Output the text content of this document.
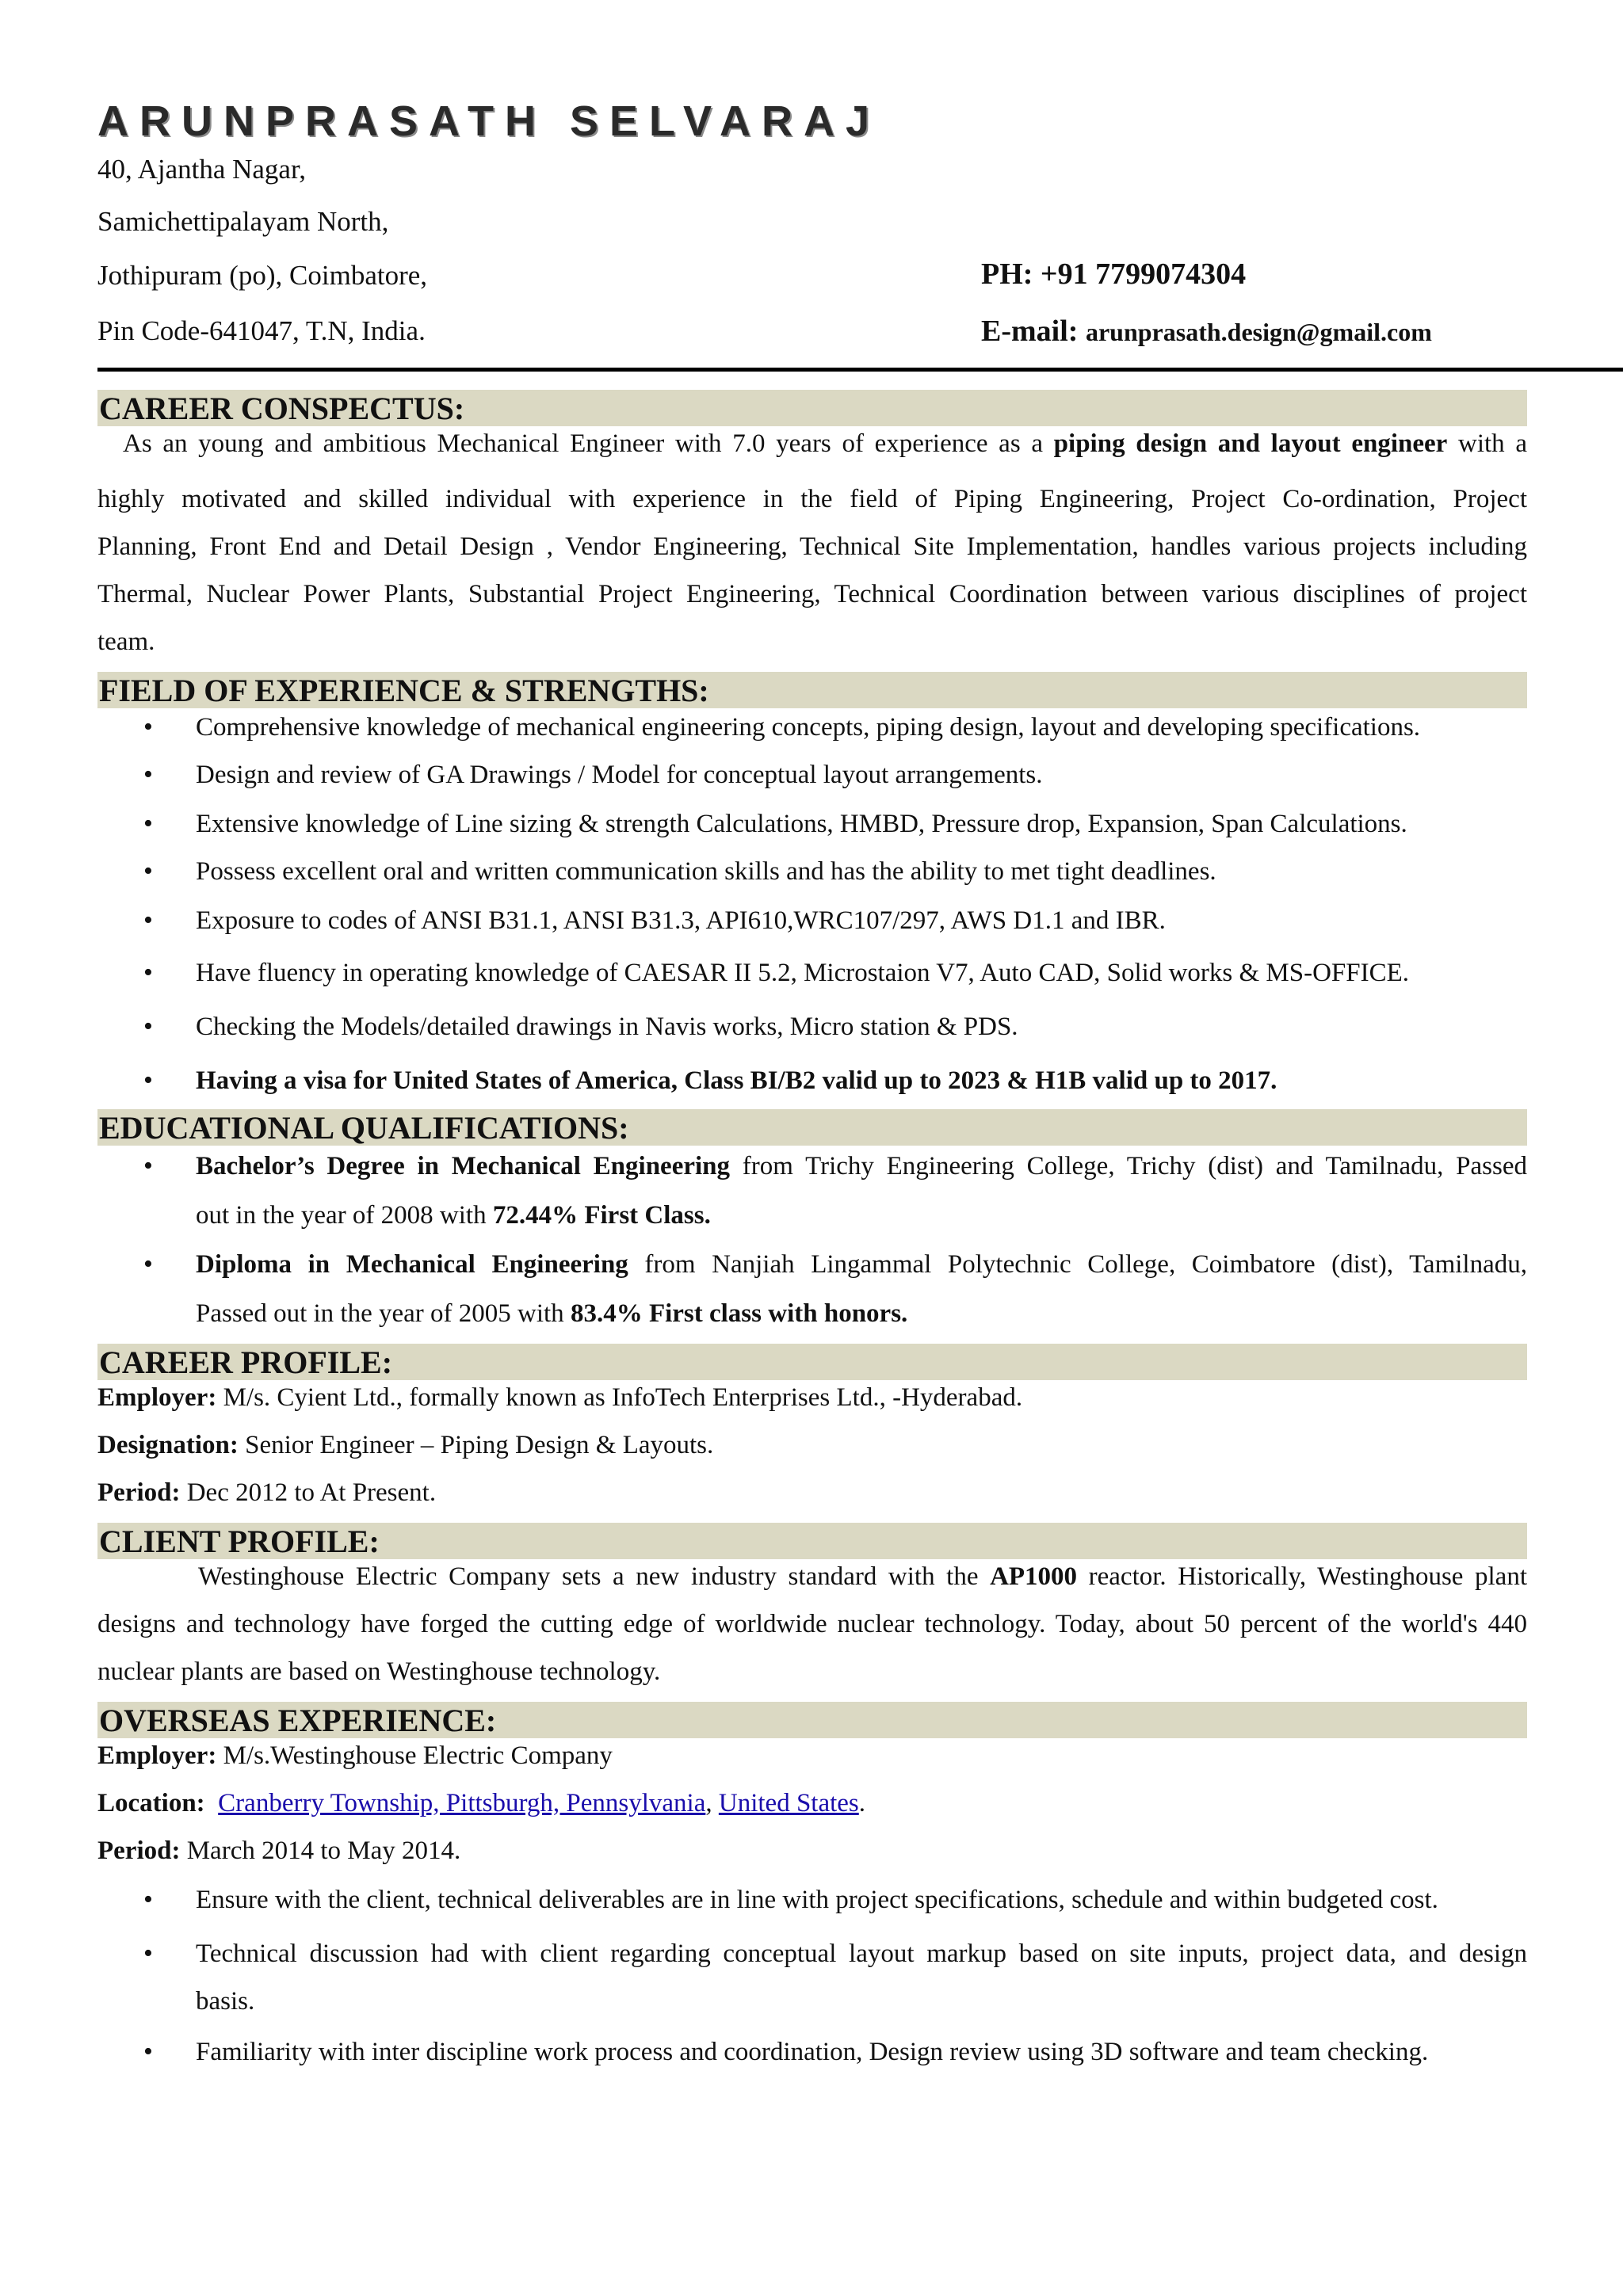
ARUNPRASATH SELVARAJ
40, Ajantha Nagar,
Samichettipalayam North,
Jothipuram (po), Coimbatore,
Pin Code-641047, T.N, India.
PH: +91 7799074304
E-mail: arunprasath.design@gmail.com
CAREER CONSPECTUS:
As an young and ambitious Mechanical Engineer with 7.0 years of experience as a piping design and layout engineer with a
highly motivated and skilled individual with experience in the field of Piping Engineering, Project Co-ordination, Project
Planning, Front End and Detail Design , Vendor Engineering, Technical Site Implementation, handles various projects including
Thermal, Nuclear Power Plants, Substantial Project Engineering, Technical Coordination between various disciplines of project
team.
FIELD OF EXPERIENCE & STRENGTHS:
• Comprehensive knowledge of mechanical engineering concepts, piping design, layout and developing specifications.
• Design and review of GA Drawings / Model for conceptual layout arrangements.
• Extensive knowledge of Line sizing & strength Calculations, HMBD, Pressure drop, Expansion, Span Calculations.
• Possess excellent oral and written communication skills and has the ability to met tight deadlines.
• Exposure to codes of ANSI B31.1, ANSI B31.3, API610,WRC107/297, AWS D1.1 and IBR.
• Have fluency in operating knowledge of CAESAR II 5.2, Microstaion V7, Auto CAD, Solid works & MS-OFFICE.
• Checking the Models/detailed drawings in Navis works, Micro station & PDS.
• Having a visa for United States of America, Class BI/B2 valid up to 2023 & H1B valid up to 2017.
EDUCATIONAL QUALIFICATIONS:
• Bachelor’s Degree in Mechanical Engineering from Trichy Engineering College, Trichy (dist) and Tamilnadu, Passed
out in the year of 2008 with 72.44% First Class.
• Diploma in Mechanical Engineering from Nanjiah Lingammal Polytechnic College, Coimbatore (dist), Tamilnadu,
Passed out in the year of 2005 with 83.4% First class with honors.
CAREER PROFILE:
Employer: M/s. Cyient Ltd., formally known as InfoTech Enterprises Ltd., -Hyderabad.
Designation: Senior Engineer – Piping Design & Layouts.
Period: Dec 2012 to At Present.
CLIENT PROFILE:
Westinghouse Electric Company sets a new industry standard with the AP1000 reactor. Historically, Westinghouse plant
designs and technology have forged the cutting edge of worldwide nuclear technology. Today, about 50 percent of the world's 440
nuclear plants are based on Westinghouse technology.
OVERSEAS EXPERIENCE:
Employer: M/s.Westinghouse Electric Company
Location: Cranberry Township, Pittsburgh, Pennsylvania, United States.
Period: March 2014 to May 2014.
• Ensure with the client, technical deliverables are in line with project specifications, schedule and within budgeted cost.
• Technical discussion had with client regarding conceptual layout markup based on site inputs, project data, and design
basis.
• Familiarity with inter discipline work process and coordination, Design review using 3D software and team checking.
